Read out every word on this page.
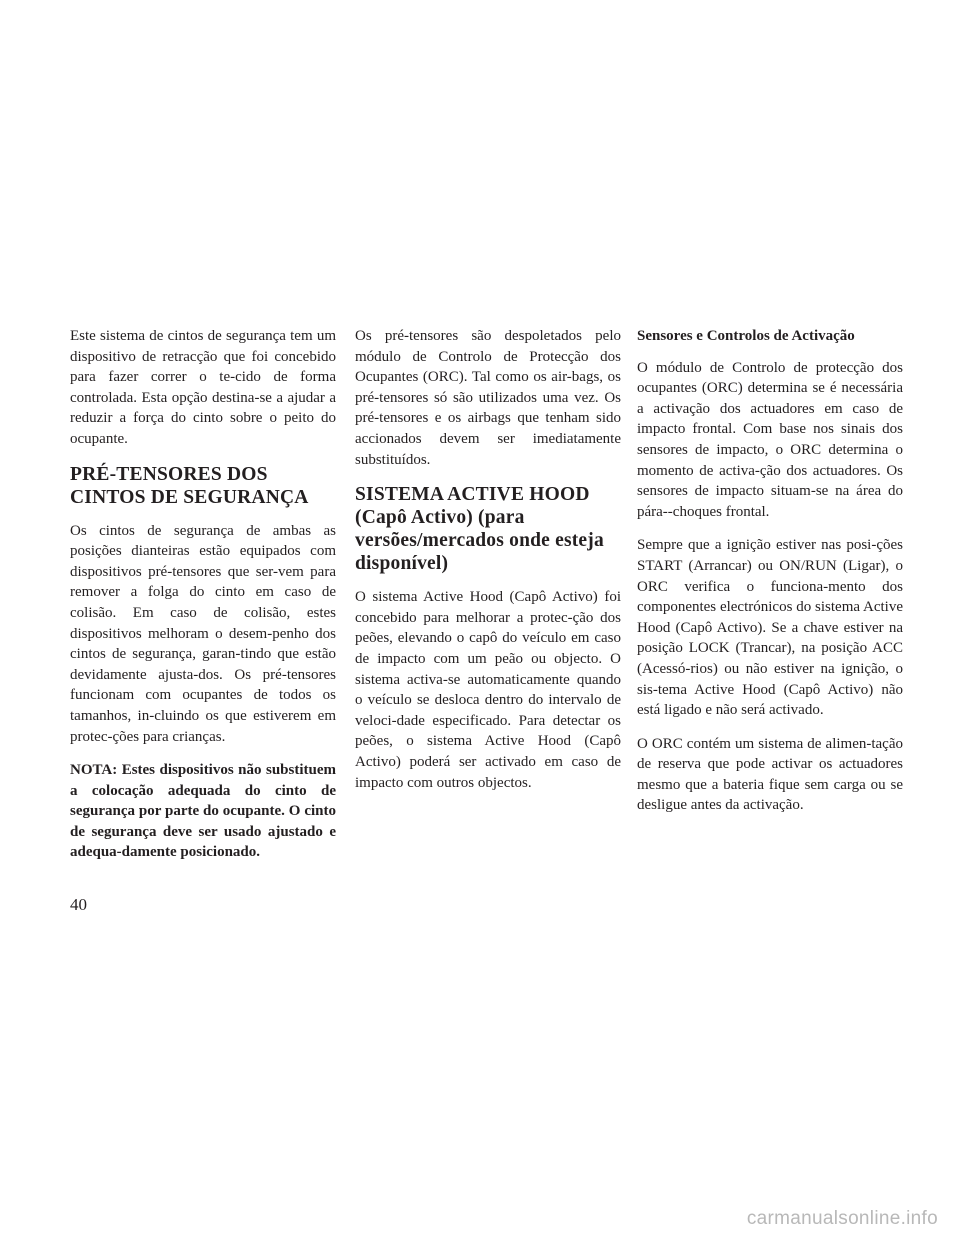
Este sistema de cintos de segurança tem um dispositivo de retracção que foi concebido para fazer correr o te-cido de forma controlada. Esta opção destina-se a ajudar a reduzir a força do cinto sobre o peito do ocupante.

PRÉ-TENSORES DOS CINTOS DE SEGURANÇA

Os cintos de segurança de ambas as posições dianteiras estão equipados com dispositivos pré-tensores que ser-vem para remover a folga do cinto em caso de colisão. Em caso de colisão, estes dispositivos melhoram o desem-penho dos cintos de segurança, garan-tindo que estão devidamente ajusta-dos. Os pré-tensores funcionam com ocupantes de todos os tamanhos, in-cluindo os que estiverem em protec-ções para crianças.

NOTA: Estes dispositivos não substituem a colocação adequada do cinto de segurança por parte do ocupante. O cinto de segurança deve ser usado ajustado e adequa-damente posicionado.

Os pré-tensores são despoletados pelo módulo de Controlo de Protecção dos Ocupantes (ORC). Tal como os air-bags, os pré-tensores só são utilizados uma vez. Os pré-tensores e os airbags que tenham sido accionados devem ser imediatamente substituídos.

SISTEMA ACTIVE HOOD (Capô Activo) (para versões/mercados onde esteja disponível)

O sistema Active Hood (Capô Activo) foi concebido para melhorar a protec-ção dos peões, elevando o capô do veículo em caso de impacto com um peão ou objecto. O sistema activa-se automaticamente quando o veículo se desloca dentro do intervalo de veloci-dade especificado. Para detectar os peões, o sistema Active Hood (Capô Activo) poderá ser activado em caso de impacto com outros objectos.

Sensores e Controlos de Activação

O módulo de Controlo de protecção dos ocupantes (ORC) determina se é necessária a activação dos actuadores em caso de impacto frontal. Com base nos sinais dos sensores de impacto, o ORC determina o momento de activa-ção dos actuadores. Os sensores de impacto situam-se na área do pára--choques frontal.

Sempre que a ignição estiver nas posi-ções START (Arrancar) ou ON/RUN (Ligar), o ORC verifica o funciona-mento dos componentes electrónicos do sistema Active Hood (Capô Activo). Se a chave estiver na posição LOCK (Trancar), na posição ACC (Acessó-rios) ou não estiver na ignição, o sis-tema Active Hood (Capô Activo) não está ligado e não será activado.

O ORC contém um sistema de alimen-tação de reserva que pode activar os actuadores mesmo que a bateria fique sem carga ou se desligue antes da activação.

40
carmanualsonline.info
